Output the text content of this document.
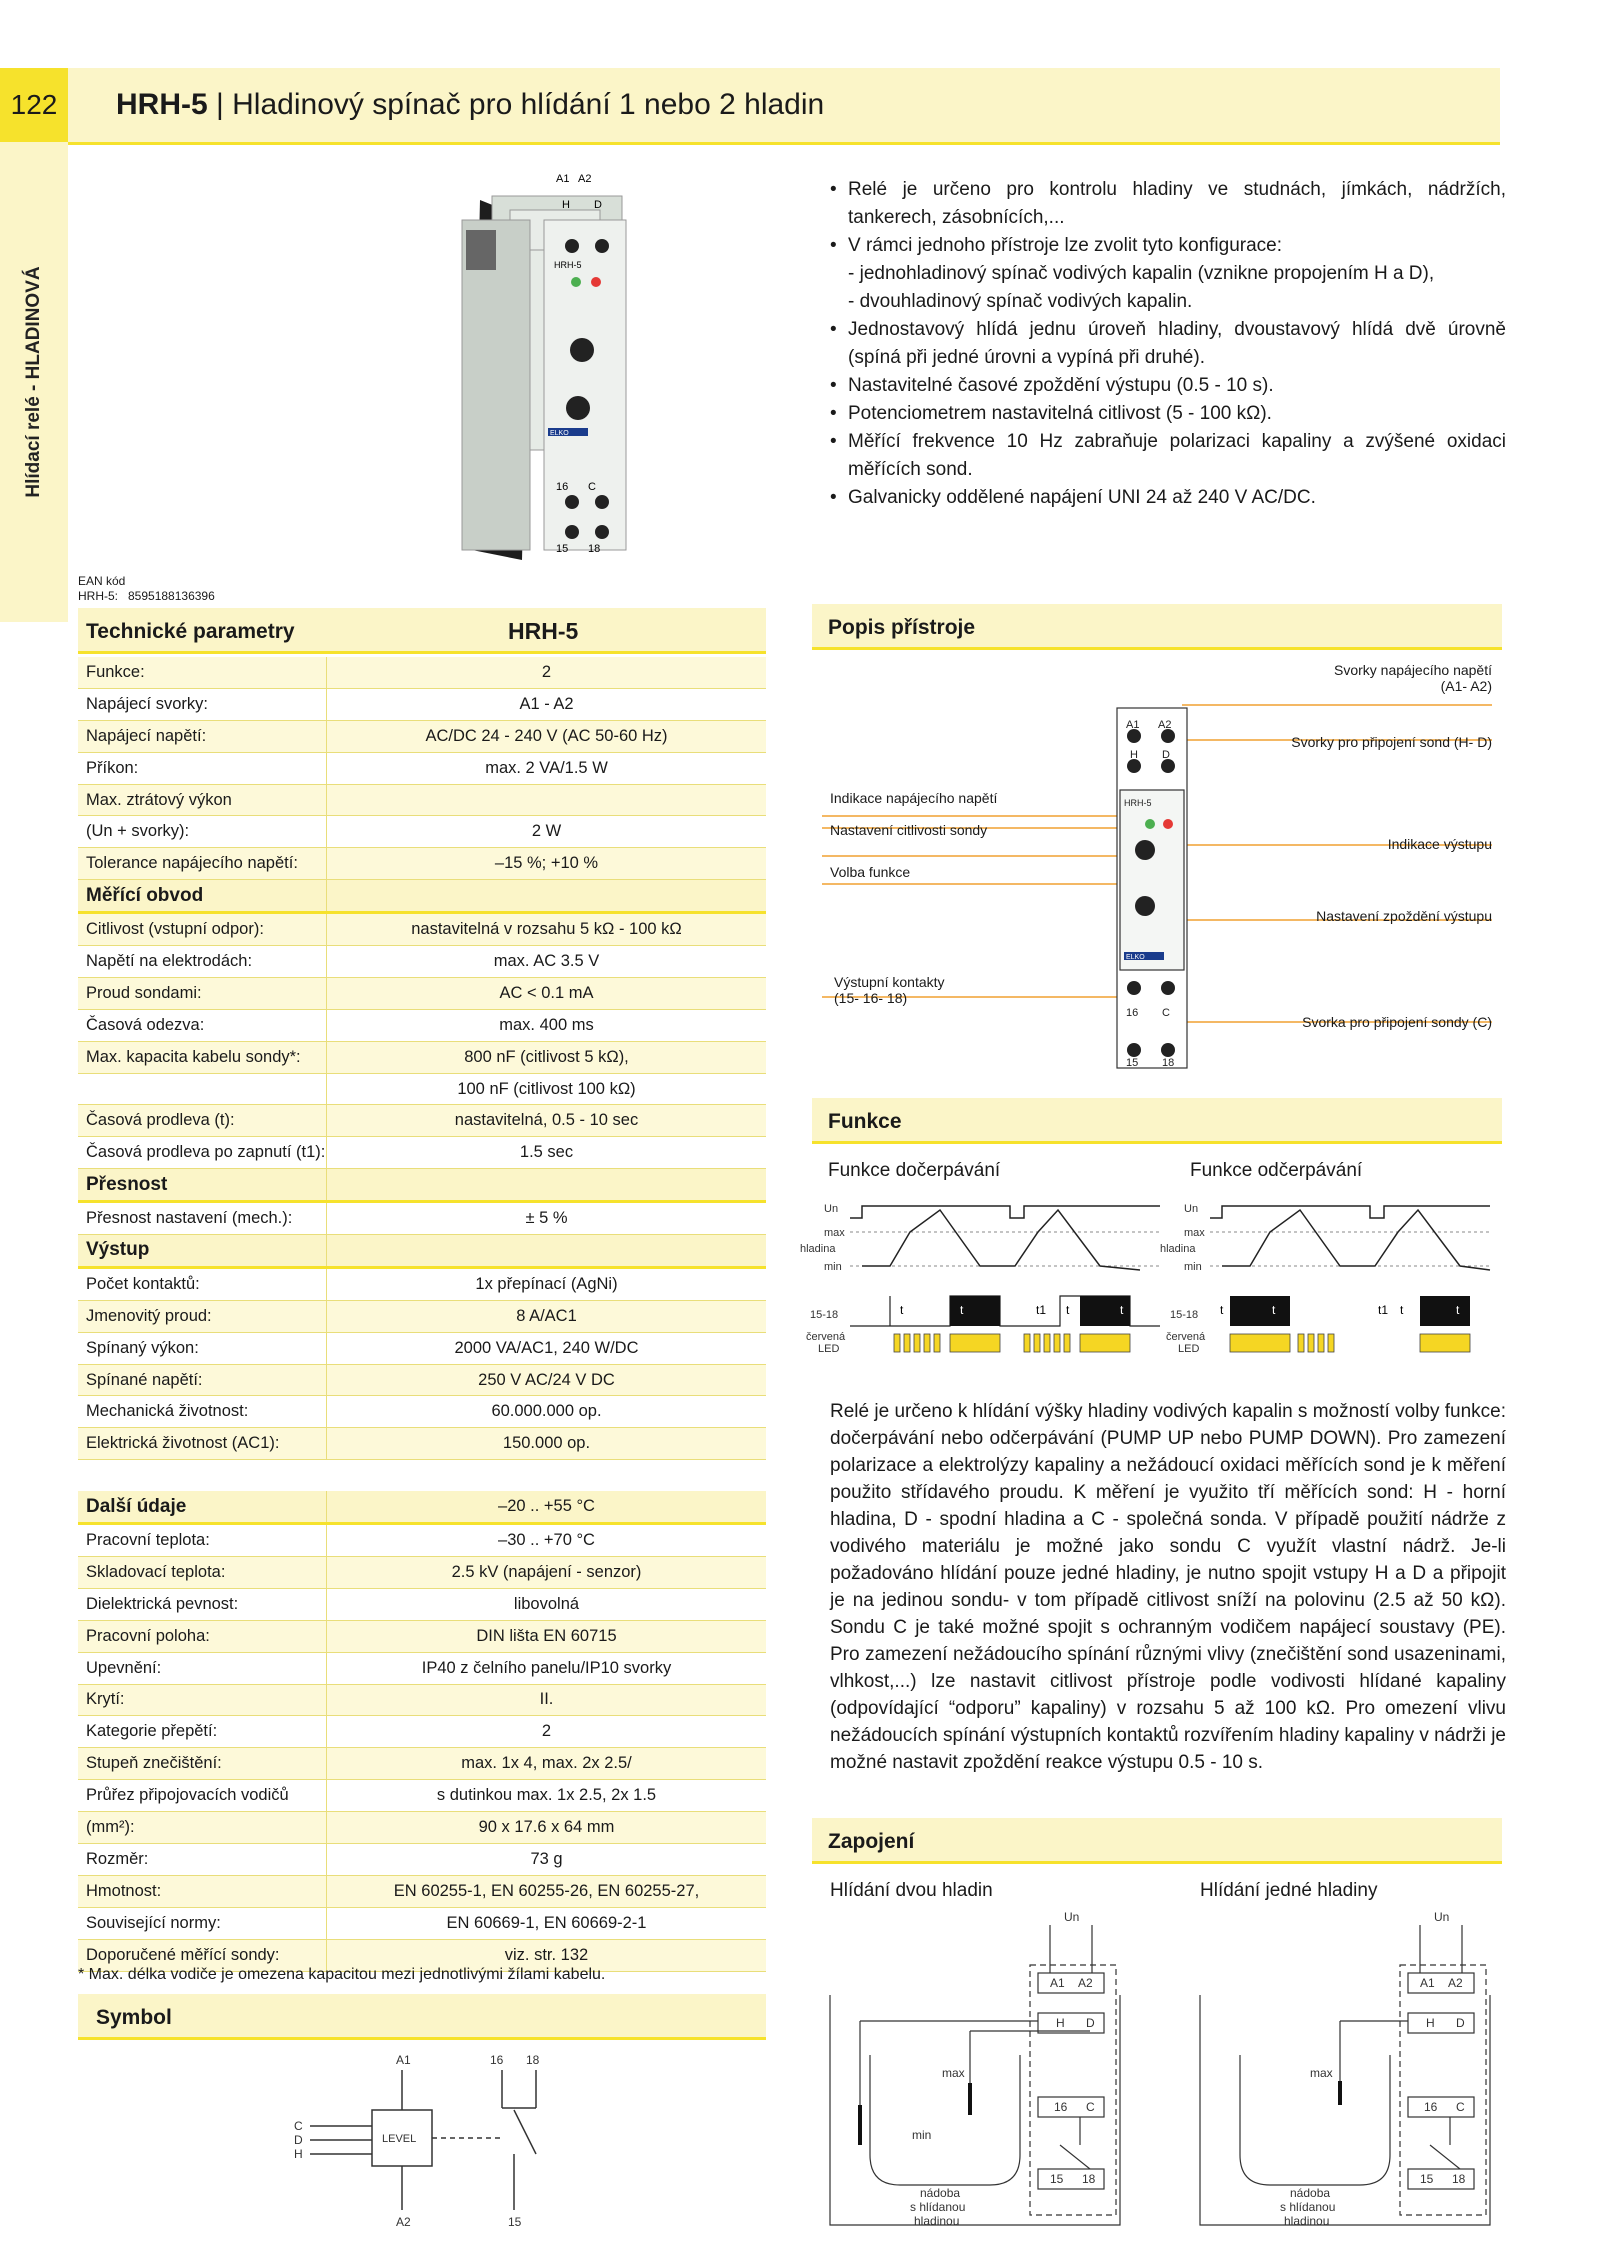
122	HRH-5 | Hladinový spínač pro hlídání 1 nebo 2 hladin
Hlídací relé - HLADINOVÁ
A1 A2
H D
16 C
15 18
HRH-5
ELKO
• Relé je určeno pro kontrolu hladiny ve studnách, jímkách, nádržích, tankerech, zásobnících,...
• V rámci jednoho přístroje lze zvolit tyto konfigurace:
- jednohladinový spínač vodivých kapalin (vznikne propojením H a D),
- dvouhladinový spínač vodivých kapalin.
• Jednostavový hlídá jednu úroveň hladiny, dvoustavový hlídá dvě úrovně (spíná při jedné úrovni a vypíná při druhé).
• Nastavitelné časové zpoždění výstupu (0.5 - 10 s).
• Potenciometrem nastavitelná citlivost (5 - 100 kΩ).
• Měřící frekvence 10 Hz zabraňuje polarizaci kapaliny a zvýšené oxidaci měřících sond.
• Galvanicky oddělené napájení UNI 24 až 240 V AC/DC.
EAN kód
HRH-5:   8595188136396
Technické parametry	HRH-5
Funkce:	2
Napájecí svorky:	A1 - A2
Napájecí napětí:	AC/DC 24 - 240 V (AC 50-60 Hz)
Příkon:	max. 2 VA/1.5 W
Max. ztrátový výkon	
(Un + svorky):	2 W
Tolerance napájecího napětí:	–15 %; +10 %
Měřící obvod	
Citlivost (vstupní odpor):	nastavitelná v rozsahu 5 kΩ - 100 kΩ
Napětí na elektrodách:	max. AC 3.5 V
Proud sondami:	AC < 0.1 mA
Časová odezva:	max. 400 ms
Max. kapacita kabelu sondy*:	800 nF (citlivost 5 kΩ),
	100 nF (citlivost 100 kΩ)
Časová prodleva (t):	nastavitelná, 0.5 - 10 sec
Časová prodleva po zapnutí (t1):	1.5 sec
Přesnost	
Přesnost nastavení (mech.):	± 5 %
Výstup	
Počet kontaktů:	1x přepínací (AgNi)
Jmenovitý proud:	8 A/AC1
Spínaný výkon:	2000 VA/AC1, 240 W/DC
Spínané napětí:	250 V AC/24 V DC
Mechanická životnost:	60.000.000 op.
Elektrická životnost (AC1):	150.000 op.

Další údaje	–20 .. +55 °C
Pracovní teplota:	–30 .. +70 °C
Skladovací teplota:	2.5 kV (napájení - senzor)
Dielektrická pevnost:	libovolná
Pracovní poloha:	DIN lišta EN 60715
Upevnění:	IP40 z čelního panelu/IP10 svorky
Krytí:	II.
Kategorie přepětí:	2
Stupeň znečištění:	max. 1x 4, max. 2x 2.5/
Průřez připojovacích vodičů	s dutinkou max. 1x 2.5, 2x 1.5
(mm²):	90 x 17.6 x 64 mm
Rozměr:	73 g
Hmotnost:	EN 60255-1, EN 60255-26, EN 60255-27,
Související normy:	EN 60669-1, EN 60669-2-1
Doporučené měřící sondy:	viz. str. 132
* Max. délka vodiče je omezena kapacitou mezi jednotlivými žílami kabelu.
Symbol
A1
A2
16 18
15
C
D
H
LEVEL
Popis přístroje
A1 A2
H D
16 C
15 18
HRH-5
ELKO
Indikace napájecího napětí
Nastavení citlivosti sondy
Volba funkce
Výstupní kontakty
(15- 16- 18)
Svorky napájecího napětí
(A1- A2)
Svorky pro připojení sond (H- D)
Indikace výstupu
Nastavení zpoždění výstupu
Svorka pro připojení sondy (C)
Funkce
Funkce dočerpávání	Funkce odčerpávání
Un
max
hladina
min
15-18
červená
LED
t	t	t1 t	t
Un
max
hladina
min
15-18
červená
LED
t	t	t1 t	t

Relé je určeno k hlídání výšky hladiny vodivých kapalin s možností volby funkce: dočerpávání nebo odčerpávání (PUMP UP nebo PUMP DOWN). Pro zamezení polarizace a elektrolýzy kapaliny a nežádoucí oxidaci měřících sond je k měření použito střídavého proudu. K měření je využito tří měřících sond: H - horní hladina, D - spodní hladina a C - společná sonda. V případě použití nádrže z vodivého materiálu je možné jako sondu C využít vlastní nádrž. Je-li požadováno hlídání pouze jedné hladiny, je nutno spojit vstupy H a D a připojit je na jedinou sondu- v tom případě citlivost sníží na polovinu (2.5 až 50 kΩ). Sondu C je také možné spojit s ochranným vodičem napájecí soustavy (PE). Pro zamezení nežádoucího spínání různými vlivy (znečištění sond usazeninami, vlhkost,...) lze nastavit citlivost přístroje podle vodivosti hlídané kapaliny (odpovídající “odporu” kapaliny) v rozsahu 5 až 100 kΩ. Pro omezení vlivu nežádoucích spínání výstupních kontaktů rozvířením hladiny kapaliny v nádrži je možné nastavit zpoždění reakce výstupu 0.5 - 10 s.

Zapojení
Hlídání dvou hladin	Hlídání jedné hladiny
Un
A1 A2
H D
16 C
15 18
max
min
nádoba
s hlídanou
hladinou
Un
A1 A2
H D
16 C
15 18
max
nádoba
s hlídanou
hladinou
